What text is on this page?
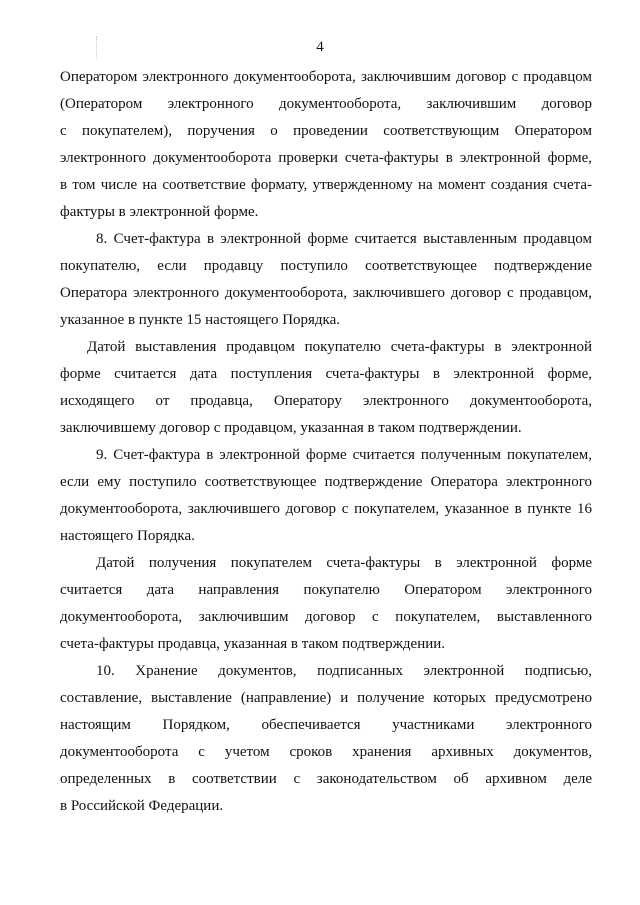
4
Оператором электронного документооборота, заключившим договор с продавцом
(Оператором электронного документооборота, заключившим договор
с покупателем), поручения о проведении соответствующим Оператором
электронного документооборота проверки счета-фактуры в электронной форме,
в том числе на соответствие формату, утвержденному на момент создания счета-
фактуры в электронной форме.
8. Счет-фактура в электронной форме считается выставленным продавцом
покупателю, если продавцу поступило соответствующее подтверждение
Оператора электронного документооборота, заключившего договор с продавцом,
указанное в пункте 15 настоящего Порядка.
Датой выставления продавцом покупателю счета-фактуры в электронной
форме считается дата поступления счета-фактуры в электронной форме,
исходящего от продавца, Оператору электронного документооборота,
заключившему договор с продавцом, указанная в таком подтверждении.
9. Счет-фактура в электронной форме считается полученным покупателем,
если ему поступило соответствующее подтверждение Оператора электронного
документооборота, заключившего договор с покупателем, указанное в пункте 16
настоящего Порядка.
Датой получения покупателем счета-фактуры в электронной форме
считается дата направления покупателю Оператором электронного
документооборота, заключившим договор с покупателем, выставленного
счета-фактуры продавца, указанная в таком подтверждении.
10. Хранение документов, подписанных электронной подписью,
составление, выставление (направление) и получение которых предусмотрено
настоящим Порядком, обеспечивается участниками электронного
документооборота с учетом сроков хранения архивных документов,
определенных в соответствии с законодательством об архивном деле
в Российской Федерации.
